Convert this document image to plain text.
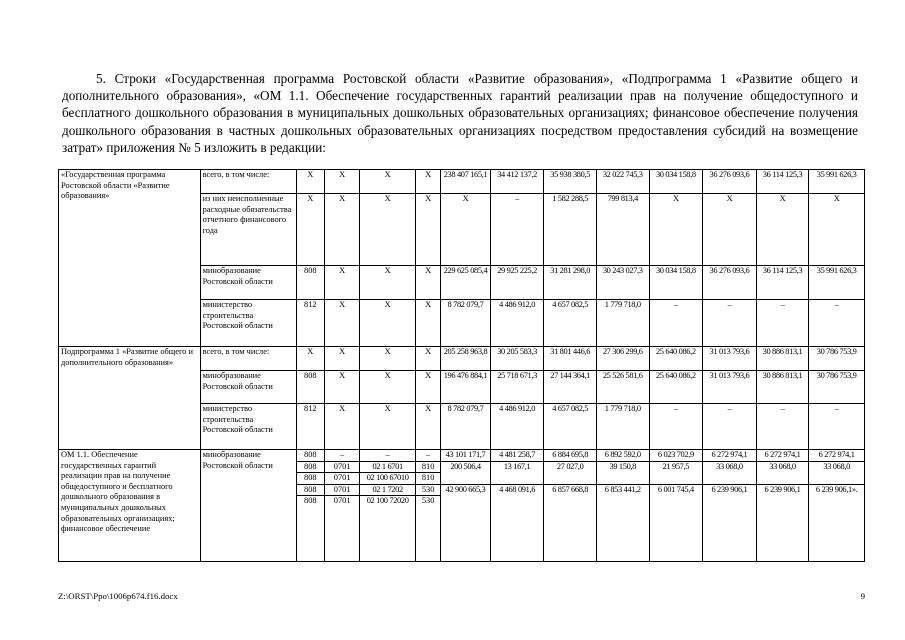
5. Строки «Государственная программа Ростовской области «Развитие образования», «Подпрограмма 1 «Развитие общего и дополнительного образования», «ОМ 1.1. Обеспечение государственных гарантий реализации прав на получение общедоступного и бесплатного дошкольного образования в муниципальных дошкольных образовательных организациях; финансовое обеспечение получения дошкольного образования в частных дошкольных образовательных организациях посредством предоставления субсидий на возмещение затрат» приложения № 5 изложить в редакции:

«Государственная программа Ростовской области «Развитие образования»	всего, в том числе:	X	X	X	X	238 407 165,1	34 412 137,2	35 938 380,5	32 022 745,3	30 034 158,8	36 276 093,6	36 114 125,3	35 991 626,3
	из них неисполненные расходные обязательства отчетного финансового года	X	X	X	X	X	–	1 582 288,5	799 813,4	X	X	X	X
	минобразование Ростовской области	808	X	X	X	229 625 085,4	29 925 225,2	31 281 298,0	30 243 027,3	30 034 158,8	36 276 093,6	36 114 125,3	35 991 626,3
	министерство строительства Ростовской области	812	X	X	X	8 782 079,7	4 486 912,0	4 657 082,5	1 779 718,0	–	–	–	–
Подпрограмма 1 «Развитие общего и дополнительного образования»	всего, в том числе:	X	X	X	X	205 258 963,8	30 205 583,3	31 801 446,6	27 306 299,6	25 640 086,2	31 013 793,6	30 886 813,1	30 786 753,9
	минобразование Ростовской области	808	X	X	X	196 476 884,1	25 718 671,3	27 144 364,1	25 526 581,6	25 640 086,2	31 013 793,6	30 886 813,1	30 786 753,9
	министерство строительства Ростовской области	812	X	X	X	8 782 079,7	4 486 912,0	4 657 082,5	1 779 718,0	–	–	–	–
ОМ 1.1. Обеспечение государственных гарантий реализации прав на получение общедоступного и бесплатного дошкольного образования в муниципальных дошкольных образовательных организациях; финансовое обеспечение	минобразование Ростовской области	808	–	–	–	43 101 171,7	4 481 258,7	6 884 695,8	6 892 592,0	6 023 702,9	6 272 974,1	6 272 974,1	6 272 974,1
		808	0701	02 1 6701	810	200 506,4	13 167,1	27 027,0	39 150,8	21 957,5	33 068,0	33 068,0	33 068,0
		808	0701	02 100 67010	810								
		808	0701	02 1 7202	530	42 900 665,3	4 468 091,6	6 857 668,8	6 853 441,2	6 001 745,4	6 239 906,1	6 239 906,1	6 239 906,1».
		808	0701	02 100 72020	530								
Z:\ORST\Ppo\1006p674.f16.docx	9
